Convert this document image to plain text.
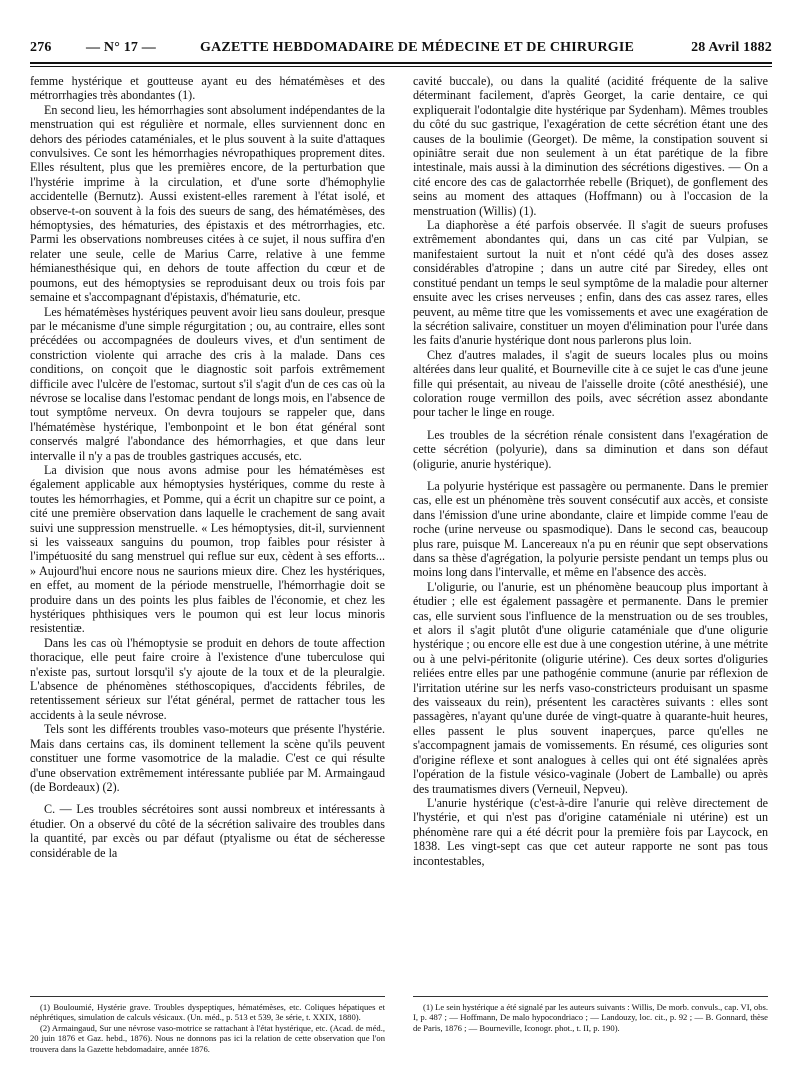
276 — N° 17 —	GAZETTE HEBDOMADAIRE DE MÉDECINE ET DE CHIRURGIE	28 Avril 1882

femme hystérique et goutteuse ayant eu des hématémèses et des métrorrhagies très abondantes (1).

En second lieu, les hémorrhagies sont absolument indépendantes de la menstruation qui est régulière et normale, elles surviennent donc en dehors des périodes cataméniales, et le plus souvent à la suite d'attaques convulsives. Ce sont les hémorrhagies névropathiques proprement dites. Elles résultent, plus que les premières encore, de la perturbation que l'hystérie imprime à la circulation, et d'une sorte d'hémophylie accidentelle (Bernutz). Aussi existent-elles rarement à l'état isolé, et observe-t-on souvent à la fois des sueurs de sang, des hématémèses, des hémoptysies, des hématuries, des épistaxis et des métrorrhagies, etc. Parmi les observations nombreuses citées à ce sujet, il nous suffira d'en relater une seule, celle de Marius Carre, relative à une femme hémianesthésique qui, en dehors de toute affection du cœur et de poumons, eut des hémoptysies se reproduisant deux ou trois fois par semaine et s'accompagnant d'épistaxis, d'hématurie, etc.

Les hématémèses hystériques peuvent avoir lieu sans douleur, presque par le mécanisme d'une simple régurgitation ; ou, au contraire, elles sont précédées ou accompagnées de douleurs vives, et d'un sentiment de constriction violente qui arrache des cris à la malade. Dans ces conditions, on conçoit que le diagnostic soit parfois extrêmement difficile avec l'ulcère de l'estomac, surtout s'il s'agit d'un de ces cas où la névrose se localise dans l'estomac pendant de longs mois, en l'absence de tout symptôme nerveux. On devra toujours se rappeler que, dans l'hématémèse hystérique, l'embonpoint et le bon état général sont conservés malgré l'abondance des hémorrhagies, et que dans leur intervalle il n'y a pas de troubles gastriques accusés, etc.

La division que nous avons admise pour les hématémèses est également applicable aux hémoptysies hystériques, comme du reste à toutes les hémorrhagies, et Pomme, qui a écrit un chapitre sur ce point, a cité une première observation dans laquelle le crachement de sang avait suivi une suppression menstruelle. « Les hémoptysies, dit-il, surviennent si les vaisseaux sanguins du poumon, trop faibles pour résister à l'impétuosité du sang menstruel qui reflue sur eux, cèdent à ses efforts... » Aujourd'hui encore nous ne saurions mieux dire. Chez les hystériques, en effet, au moment de la période menstruelle, l'hémorrhagie doit se produire dans un des points les plus faibles de l'économie, et chez les hystériques phthisiques vers le poumon qui est leur locus minoris resistentiæ.

Dans les cas où l'hémoptysie se produit en dehors de toute affection thoracique, elle peut faire croire à l'existence d'une tuberculose qui n'existe pas, surtout lorsqu'il s'y ajoute de la toux et de la pleuralgie. L'absence de phénomènes stéthoscopiques, d'accidents fébriles, de retentissement sérieux sur l'état général, permet de rattacher tous les accidents à la seule névrose.

Tels sont les différents troubles vaso-moteurs que présente l'hystérie. Mais dans certains cas, ils dominent tellement la scène qu'ils peuvent constituer une forme vasomotrice de la maladie. C'est ce qui résulte d'une observation extrêmement intéressante publiée par M. Armaingaud (de Bordeaux) (2).

C. — Les troubles sécrétoires sont aussi nombreux et intéressants à étudier. On a observé du côté de la sécrétion salivaire des troubles dans la quantité, par excès ou par défaut (ptyalisme ou état de sécheresse considérable de la

cavité buccale), ou dans la qualité (acidité fréquente de la salive déterminant facilement, d'après Georget, la carie dentaire, ce qui expliquerait l'odontalgie dite hystérique par Sydenham). Mêmes troubles du côté du suc gastrique, l'exagération de cette sécrétion étant une des causes de la boulimie (Georget). De même, la constipation souvent si opiniâtre serait due non seulement à un état parétique de la fibre intestinale, mais aussi à la diminution des sécrétions digestives. — On a cité encore des cas de galactorrhée rebelle (Briquet), de gonflement des seins au moment des attaques (Hoffmann) ou à l'occasion de la menstruation (Willis) (1).

La diaphorèse a été parfois observée. Il s'agit de sueurs profuses extrêmement abondantes qui, dans un cas cité par Vulpian, se manifestaient surtout la nuit et n'ont cédé qu'à des doses assez considérables d'atropine ; dans un autre cité par Siredey, elles ont constitué pendant un temps le seul symptôme de la maladie pour alterner ensuite avec les crises nerveuses ; enfin, dans des cas assez rares, elles peuvent, au même titre que les vomissements et avec une exagération de la sécrétion salivaire, constituer un moyen d'élimination pour l'urée dans les faits d'anurie hystérique dont nous parlerons plus loin.

Chez d'autres malades, il s'agit de sueurs locales plus ou moins altérées dans leur qualité, et Bourneville cite à ce sujet le cas d'une jeune fille qui présentait, au niveau de l'aisselle droite (côté anesthésié), une coloration rouge vermillon des poils, avec sécrétion assez abondante pour tacher le linge en rouge.

Les troubles de la sécrétion rénale consistent dans l'exagération de cette sécrétion (polyurie), dans sa diminution et dans son défaut (oligurie, anurie hystérique).

La polyurie hystérique est passagère ou permanente. Dans le premier cas, elle est un phénomène très souvent consécutif aux accès, et consiste dans l'émission d'une urine abondante, claire et limpide comme l'eau de roche (urine nerveuse ou spasmodique). Dans le second cas, beaucoup plus rare, puisque M. Lancereaux n'a pu en réunir que sept observations dans sa thèse d'agrégation, la polyurie persiste pendant un temps plus ou moins long dans l'intervalle, et même en l'absence des accès.

L'oligurie, ou l'anurie, est un phénomène beaucoup plus important à étudier ; elle est également passagère et permanente. Dans le premier cas, elle survient sous l'influence de la menstruation ou de ses troubles, et alors il s'agit plutôt d'une oligurie cataméniale que d'une oligurie hystérique ; ou encore elle est due à une congestion utérine, à une métrite ou à une pelvi-péritonite (oligurie utérine). Ces deux sortes d'oliguries reliées entre elles par une pathogénie commune (anurie par réflexion de l'irritation utérine sur les nerfs vaso-constricteurs produisant un spasme des vaisseaux du rein), présentent les caractères suivants : elles sont passagères, n'ayant qu'une durée de vingt-quatre à quarante-huit heures, elles passent le plus souvent inaperçues, parce qu'elles ne s'accompagnent jamais de vomissements. En résumé, ces oliguries sont d'origine réflexe et sont analogues à celles qui ont été signalées après l'opération de la fistule vésico-vaginale (Jobert de Lamballe) ou après des traumatismes divers (Verneuil, Nepveu).

L'anurie hystérique (c'est-à-dire l'anurie qui relève directement de l'hystérie, et qui n'est pas d'origine cataméniale ni utérine) est un phénomène rare qui a été décrit pour la première fois par Laycock, en 1838. Les vingt-sept cas que cet auteur rapporte ne sont pas tous incontestables,

(1) Bouloumié, Hystérie grave. Troubles dyspeptiques, hématémèses, etc. Coliques hépatiques et néphrétiques, simulation de calculs vésicaux. (Un. méd., p. 513 et 539, 3e série, t. XXIX, 1880).

(2) Armaingaud, Sur une névrose vaso-motrice se rattachant à l'état hystérique, etc. (Acad. de méd., 20 juin 1876 et Gaz. hebd., 1876). Nous ne donnons pas ici la relation de cette observation que l'on trouvera dans la Gazette hebdomadaire, année 1876.

(1) Le sein hystérique a été signalé par les auteurs suivants : Willis, De morb. convuls., cap. VI, obs. I, p. 487 ; — Hoffmann, De malo hypocondriaco ; — Landouzy, loc. cit., p. 92 ; — B. Gonnard, thèse de Paris, 1876 ; — Bourneville, Iconogr. phot., t. II, p. 190).
